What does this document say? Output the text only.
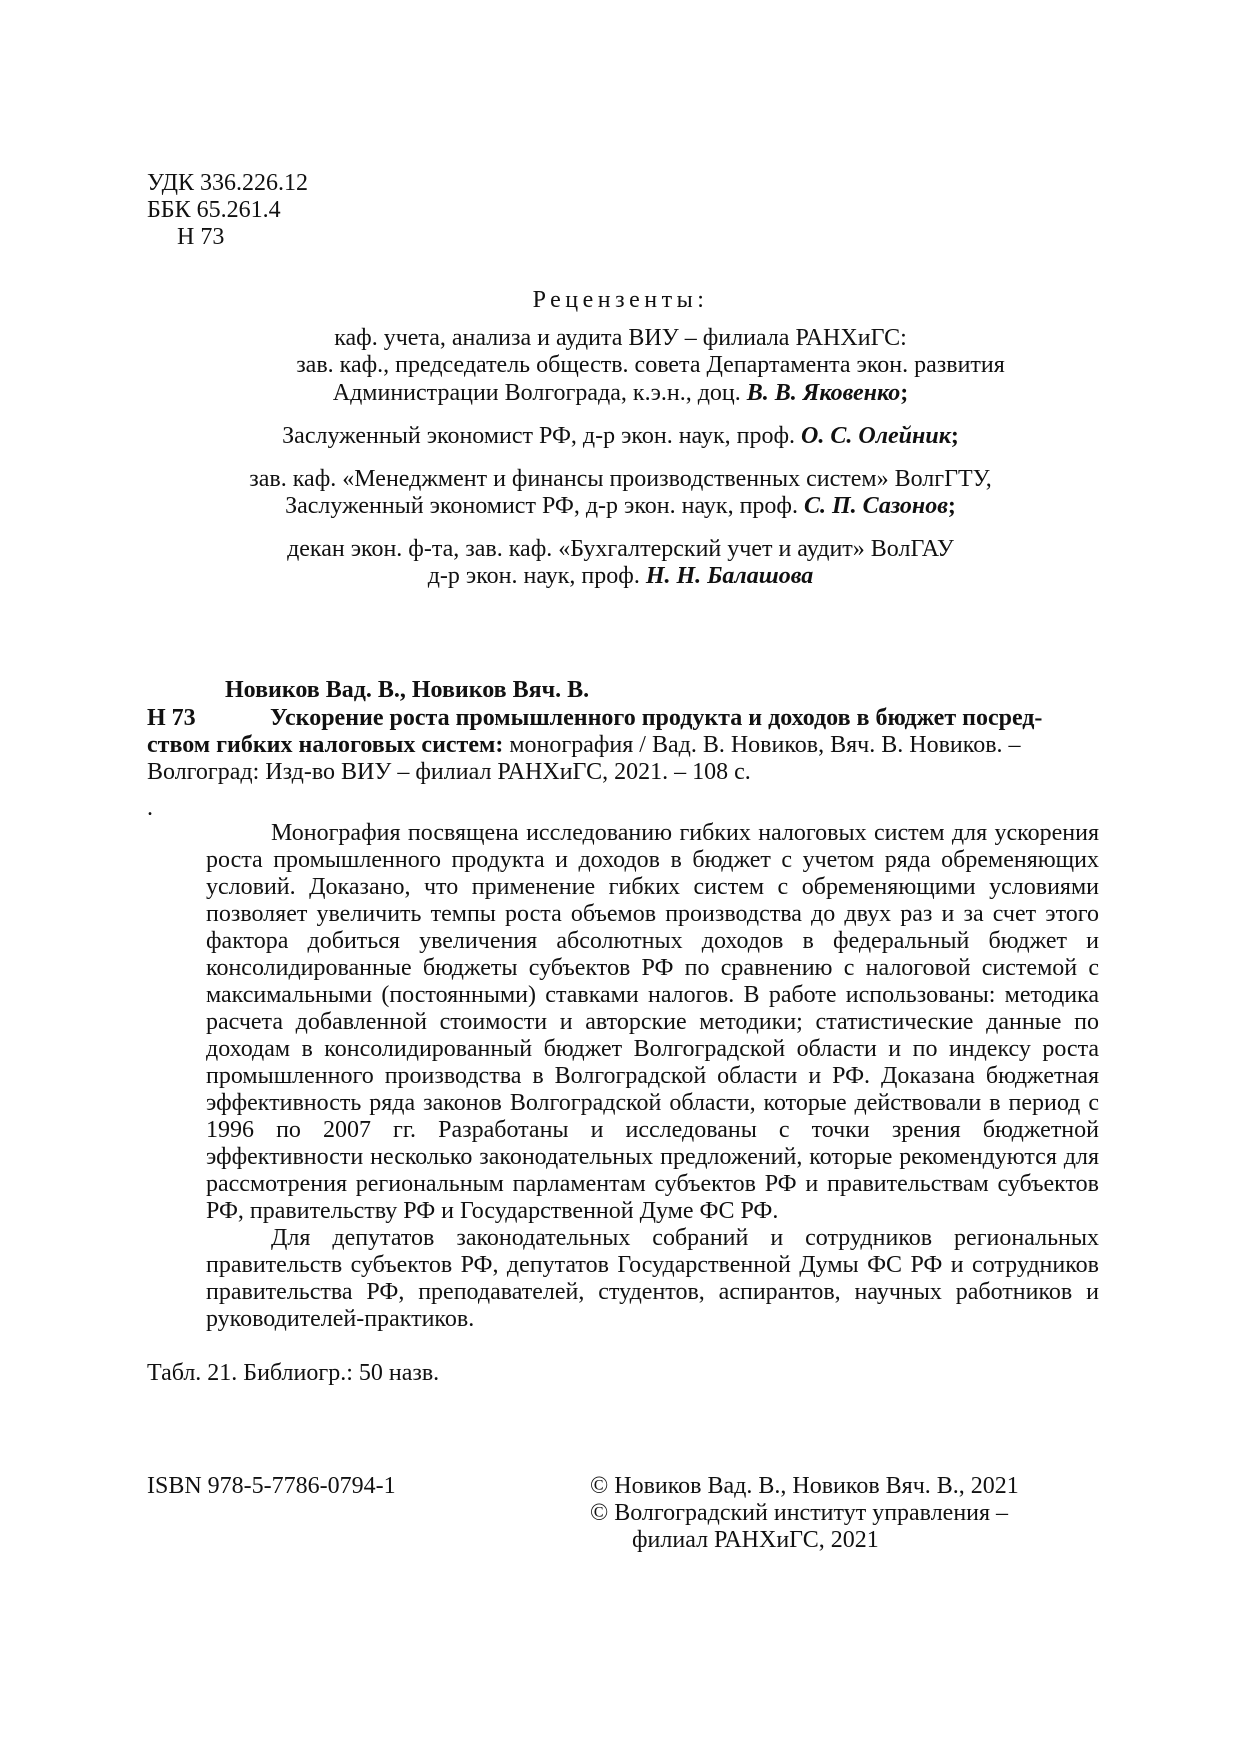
УДК 336.226.12
ББК 65.261.4
Н 73
Рецензенты:
каф. учета, анализа и аудита ВИУ – филиала РАНХиГС:
зав. каф., председатель обществ. совета Департамента экон. развития
Администрации Волгограда, к.э.н., доц. В. В. Яковенко;
Заслуженный экономист РФ, д-р экон. наук, проф. О. С. Олейник;
зав. каф. «Менеджмент и финансы производственных систем» ВолгГТУ,
Заслуженный экономист РФ, д-р экон. наук, проф. С. П. Сазонов;
декан экон. ф-та, зав. каф. «Бухгалтерский учет и аудит» ВолГАУ
д-р экон. наук, проф. Н. Н. Балашова
Новиков Вад. В., Новиков Вяч. В.
Н 73	Ускорение роста промышленного продукта и доходов в бюджет посред-
ством гибких налоговых систем: монография / Вад. В. Новиков, Вяч. В. Новиков. –
Волгоград: Изд-во ВИУ – филиал РАНХиГС, 2021. – 108 с.
.

Монография посвящена исследованию гибких налоговых систем для ускорения роста промышленного продукта и доходов в бюджет с учетом ряда обременяющих условий. Доказано, что применение гибких систем с обременяющими условиями позволяет увеличить темпы роста объемов производства до двух раз и за счет этого фактора добиться увеличения абсолютных доходов в федеральный бюджет и консолидированные бюджеты субъектов РФ по сравнению с налоговой системой с максимальными (постоянными) ставками налогов. В работе использованы: методика расчета добавленной стоимости и авторские методики; статистические данные по доходам в консолидированный бюджет Волгоградской области и по индексу роста промышленного производства в Волгоградской области и РФ. Доказана бюджетная эффективность ряда законов Волгоградской области, которые действовали в период с 1996 по 2007 гг. Разработаны и исследованы с точки зрения бюджетной эффективности несколько законодательных предложений, которые рекомендуются для рассмотрения региональным парламентам субъектов РФ и правительствам субъектов РФ, правительству РФ и Государственной Думе ФС РФ.

Для депутатов законодательных собраний и сотрудников региональных правительств субъектов РФ, депутатов Государственной Думы ФС РФ и сотрудников правительства РФ, преподавателей, студентов, аспирантов, научных работников и руководителей-практиков.

Табл. 21. Библиогр.: 50 назв.
ISBN 978-5-7786-0794-1	© Новиков Вад. В., Новиков Вяч. В., 2021
© Волгоградский институт управления –
филиал РАНХиГС, 2021
